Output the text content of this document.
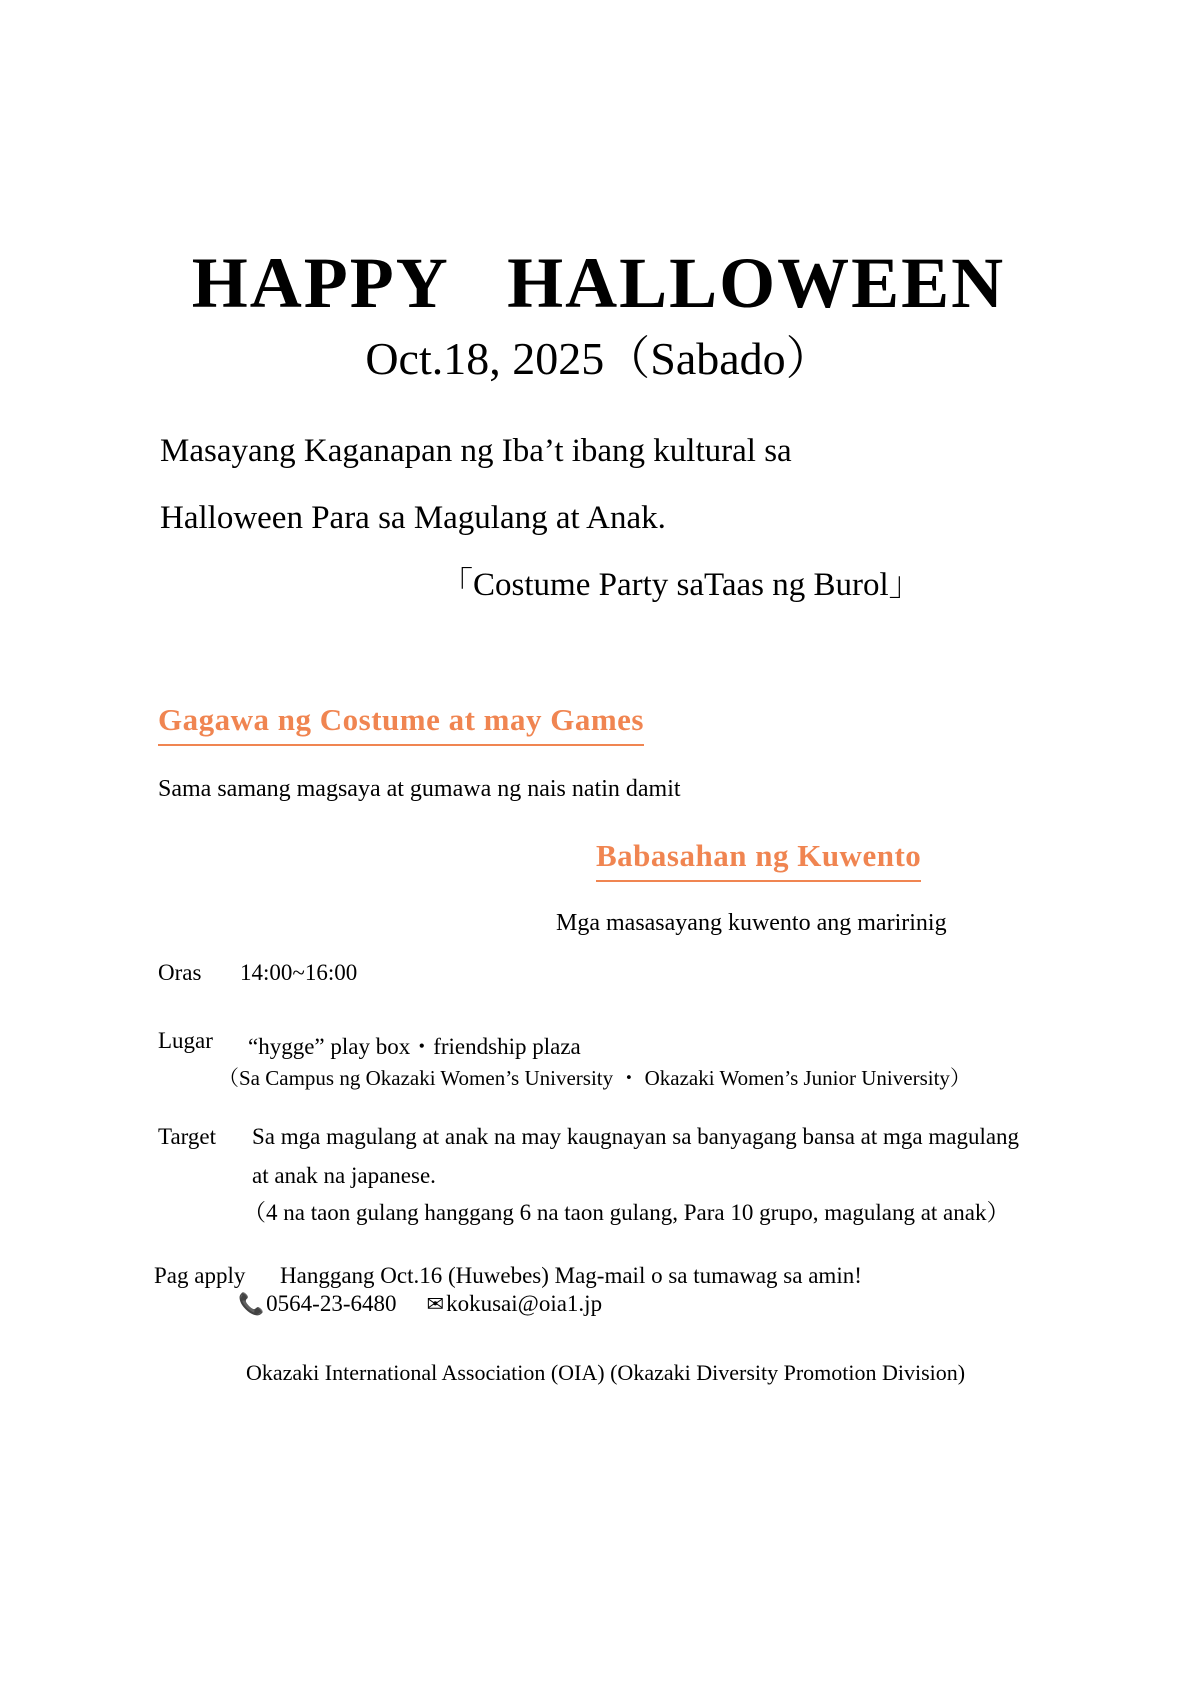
HAPPY   HALLOWEEN
Oct.18, 2025（Sabado）
Masayang Kaganapan ng Iba’t ibang kultural sa
Halloween Para sa Magulang at Anak.
「Costume Party saTaas ng Burol」
Gagawa ng Costume at may Games
Sama samang magsaya at gumawa ng nais natin damit
Babasahan ng Kuwento
Mga masasayang kuwento ang maririnig
Oras 14:00~16:00
Lugar “hygge” play box・friendship plaza
（Sa Campus ng Okazaki Women’s University ・ Okazaki Women’s Junior University）
Target Sa mga magulang at anak na may kaugnayan sa banyagang bansa at mga magulang
at anak na japanese.
（4 na taon gulang hanggang 6 na taon gulang, Para 10 grupo, magulang at anak）
Pag apply Hanggang Oct.16 (Huwebes) Mag-mail o sa tumawag sa amin!
📞 0564-23-6480 ✉ kokusai@oia1.jp
Okazaki International Association (OIA) (Okazaki Diversity Promotion Division)
